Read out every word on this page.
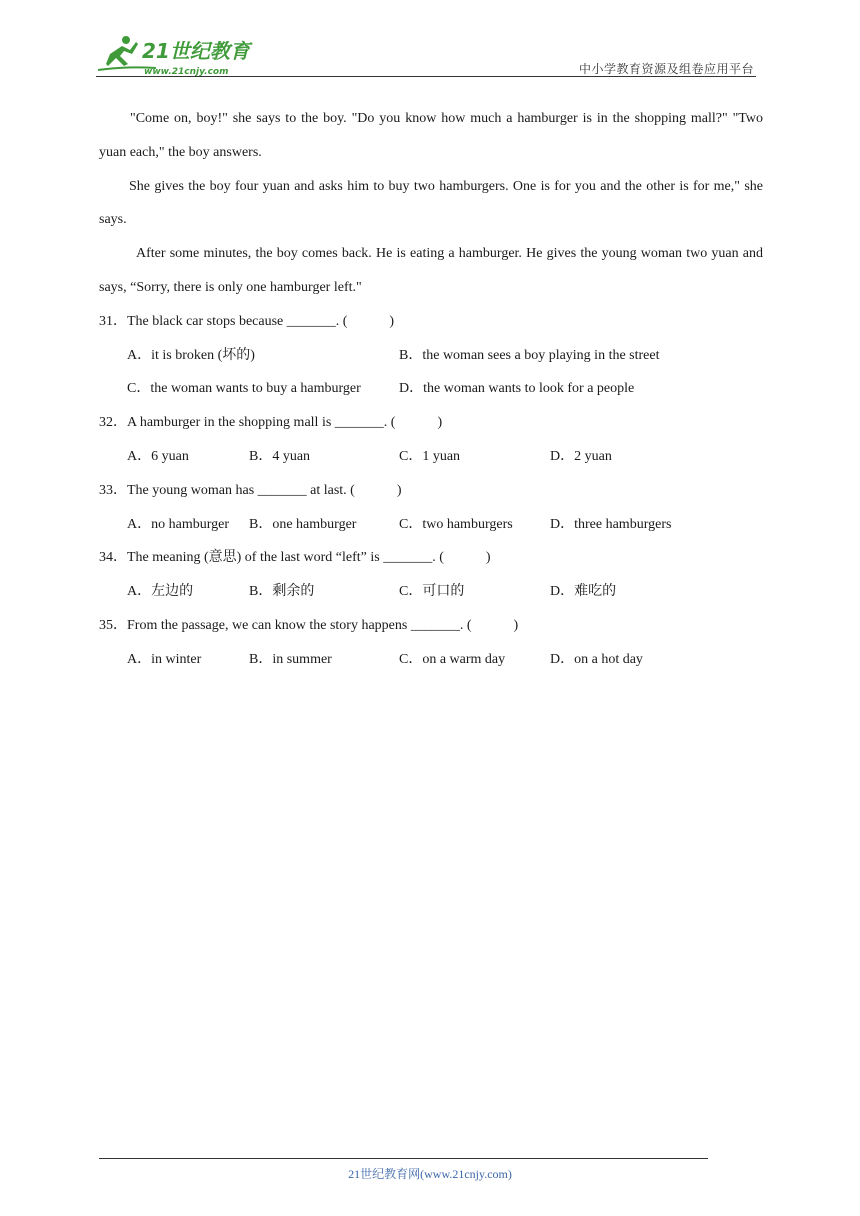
21世纪教育
www.21cnjy.com	中小学教育资源及组卷应用平台

"Come on, boy!" she says to the boy. "Do you know how much a hamburger is in the shopping mall?" "Two yuan each," the boy answers.

She gives the boy four yuan and asks him to buy two hamburgers. One is for you and the other is for me," she says.

After some minutes, the boy comes back. He is eating a hamburger. He gives the young woman two yuan and says, “Sorry, there is only one hamburger left."

31．The black car stops because _______. (　　　)
A．it is broken (坏的)	B．the woman sees a boy playing in the street
C．the woman wants to buy a hamburger	D．the woman wants to look for a people
32．A hamburger in the shopping mall is _______. (　　　)
A．6 yuan	B．4 yuan	C．1 yuan	D．2 yuan
33．The young woman has _______ at last. (　　　)
A．no hamburger B．one hamburger	C．two hamburgers	D．three hamburgers
34．The meaning (意思) of the last word “left” is _______. (　　　)
A．左边的	B．剩余的	C．可口的	D．难吃的
35．From the passage, we can know the story happens _______. (　　　)
A．in winter	B．in summer	C．on a warm day	D．on a hot day
21世纪教育网(www.21cnjy.com)
